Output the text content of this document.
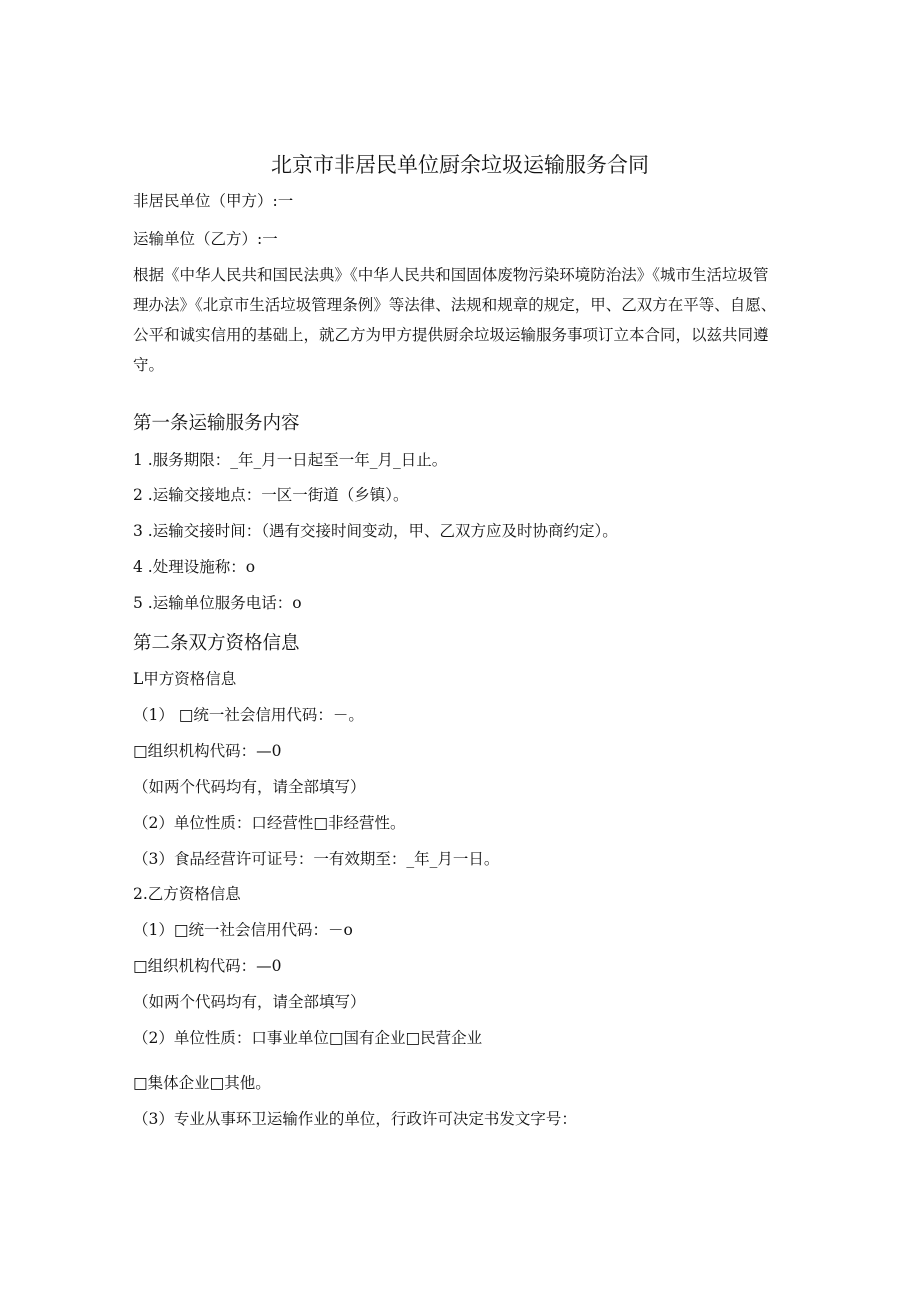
北京市非居民单位厨余垃圾运输服务合同
非居民单位（甲方）:一
运输单位（乙方）:一
根据《中华人民共和国民法典》《中华人民共和国固体废物污染环境防治法》《城市生活垃圾管理办法》《北京市生活垃圾管理条例》等法律、法规和规章的规定，甲、乙双方在平等、自愿、公平和诚实信用的基础上，就乙方为甲方提供厨余垃圾运输服务事项订立本合同，以兹共同遵守。
第一条运输服务内容
1 .服务期限：_年_月一日起至一年_月_日止。
2 .运输交接地点：一区一街道（乡镇）。
3 .运输交接时间：（遇有交接时间变动，甲、乙双方应及时协商约定）。
4 .处理设施称：o
5 .运输单位服务电话：o
第二条双方资格信息
L甲方资格信息
（1） □统一社会信用代码：－。
□组织机构代码：—0
（如两个代码均有，请全部填写）
（2）单位性质：口经营性□非经营性。
（3）食品经营许可证号：一有效期至：_年_月一日。
2.乙方资格信息
（1）□统一社会信用代码：－o
□组织机构代码：—0
（如两个代码均有，请全部填写）
（2）单位性质：口事业单位□国有企业□民营企业
□集体企业□其他。
（3）专业从事环卫运输作业的单位，行政许可决定书发文字号：
